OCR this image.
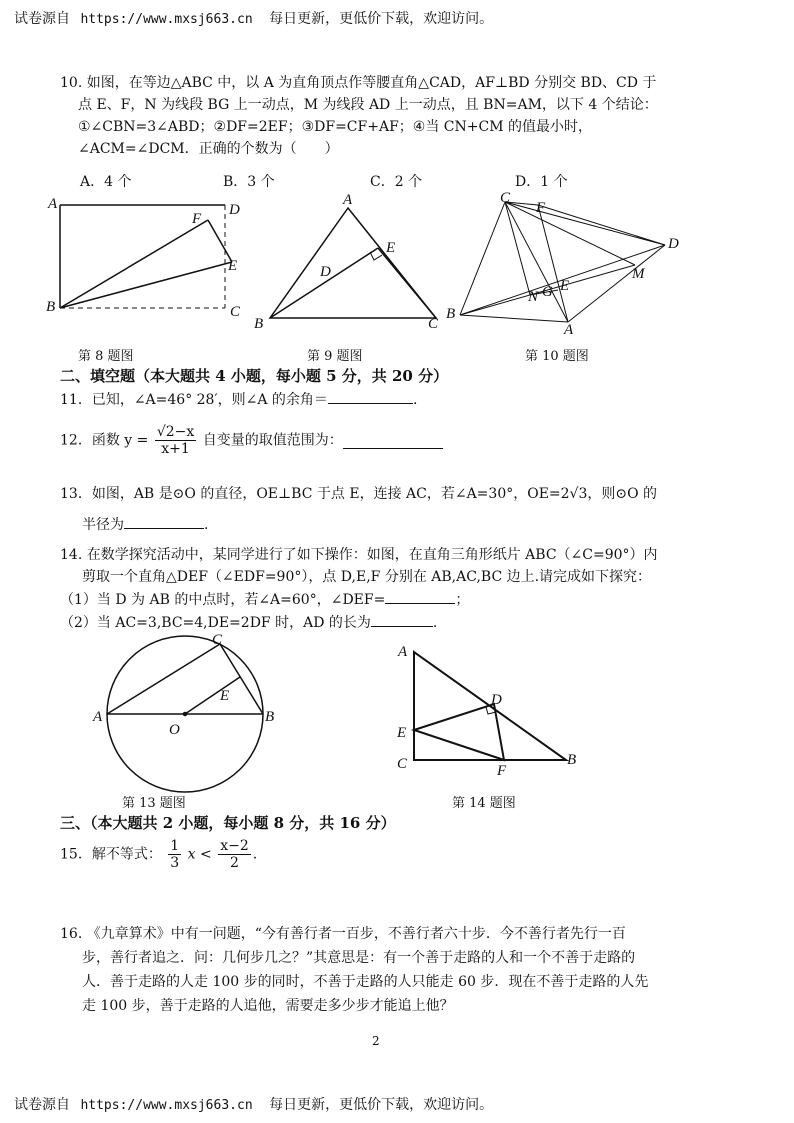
试卷源自 https://www.mxsj663.cn 每日更新，更低价下载，欢迎访问。
10. 如图，在等边△ABC 中，以 A 为直角顶点作等腰直角△CAD，AF⊥BD 分别交 BD、CD 于
点 E、F，N 为线段 BG 上一动点，M 为线段 AD 上一动点，且 BN=AM，以下 4 个结论：
①∠CBN=3∠ABD；②DF=2EF；③DF=CF+AF；④当 CN+CM 的值最小时，
∠ACM=∠DCM．正确的个数为（　　）
A．4 个	B．3 个	C．2 个	D．1 个
A	D
F
E
B	C
A
E
D
B	C
C
F
D
M
N G E
B
A
第 8 题图	第 9 题图	第 10 题图
二、填空题（本大题共 4 小题，每小题 5 分，共 20 分）
11．已知，∠A=46° 28′，则∠A 的余角＝	.
12．函数 $y = \frac{√2-x}{x+1}$ 自变量的取值范围为：
13．如图，AB 是⊙O 的直径，OE⊥BC 于点 E，连接 AC，若∠A=30°，OE=2√3，则⊙O 的
半径为	.
14. 在数学探究活动中，某同学进行了如下操作：如图，在直角三角形纸片 ABC（∠C=90°）内
剪取一个直角△DEF（∠EDF=90°），点 D,E,F 分别在 AB,AC,BC 边上.请完成如下探究：
（1）当 D 为 AB 的中点时，若∠A=60°，∠DEF=	；
（2）当 AC=3,BC=4,DE=2DF 时，AD 的长为	.
A	B
C
E
O
A
D
E
C	F
B
第 13 题图	第 14 题图
三、（本大题共 2 小题，每小题 8 分，共 16 分）
15．解不等式： $\frac{1}{3}$ $x < \frac{x-2}{2}$ .
16. 《九章算术》中有一问题，“今有善行者一百步，不善行者六十步．今不善行者先行一百
步，善行者追之．问：几何步几之？”其意思是：有一个善于走路的人和一个不善于走路的
人．善于走路的人走 100 步的同时，不善于走路的人只能走 60 步．现在不善于走路的人先
走 100 步，善于走路的人追他，需要走多少步才能追上他？
2
试卷源自 https://www.mxsj663.cn 每日更新，更低价下载，欢迎访问。
